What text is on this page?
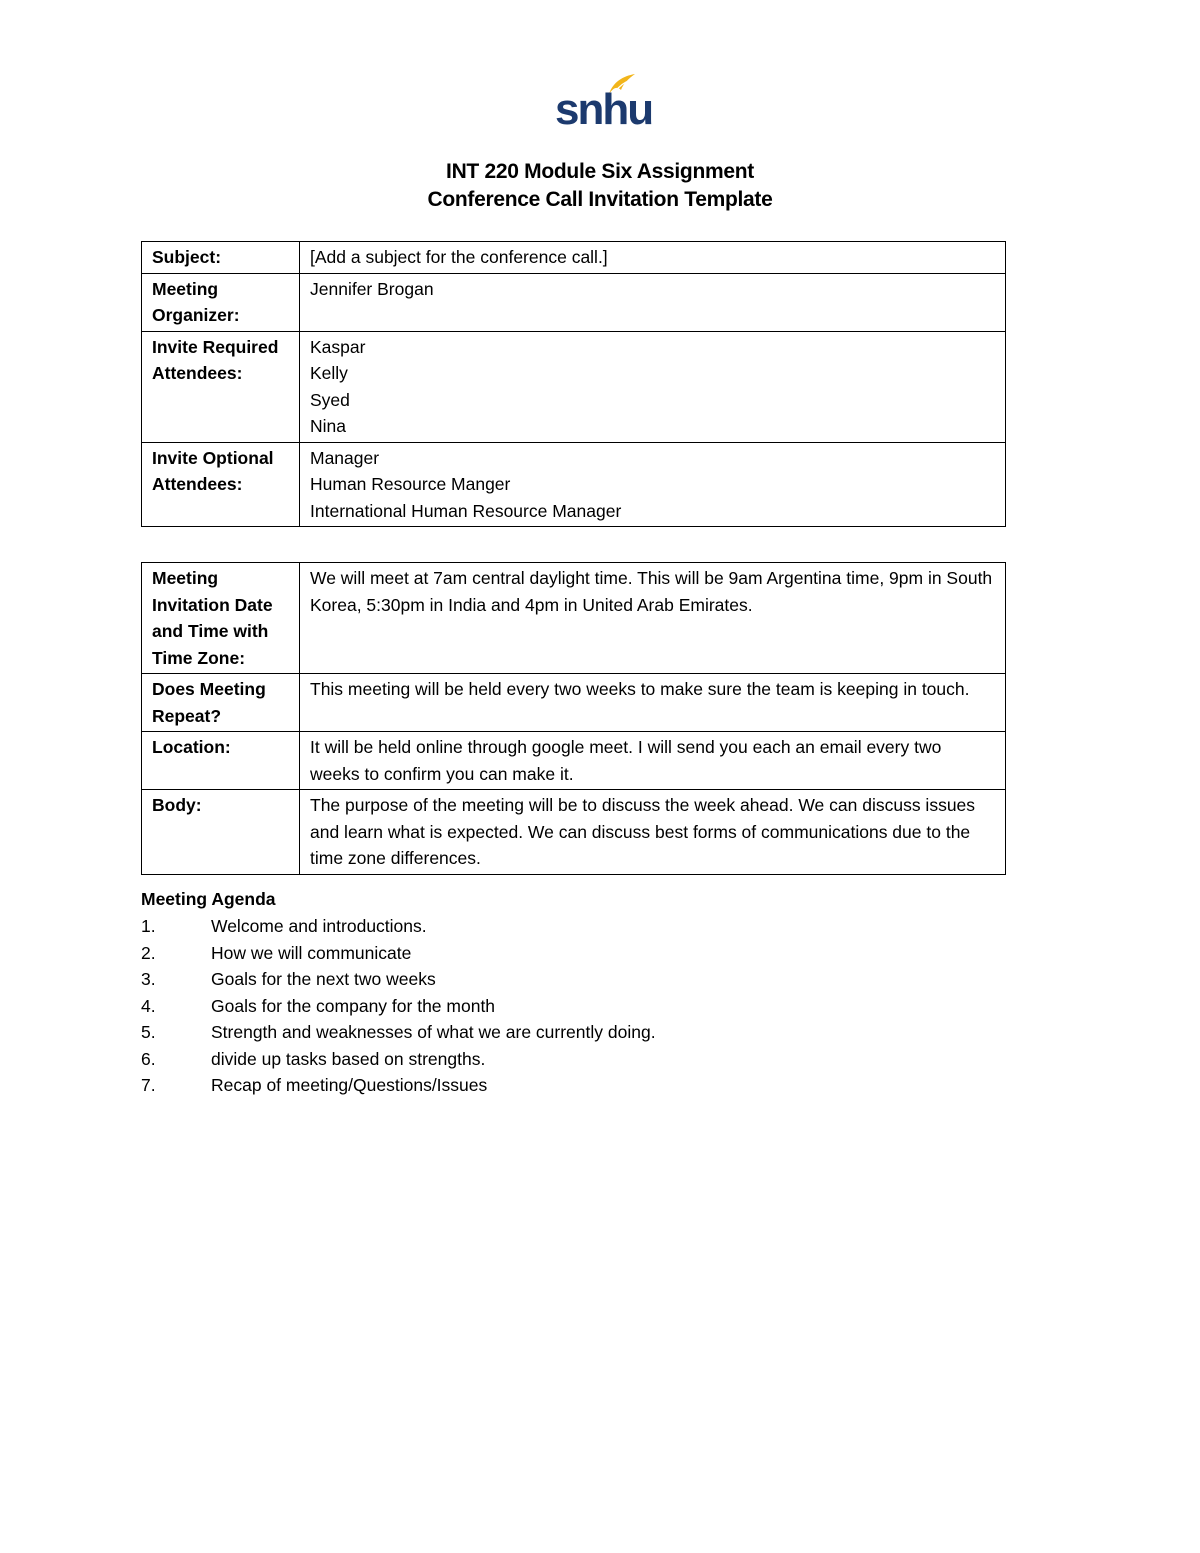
snhu
INT 220 Module Six Assignment
Conference Call Invitation Template
Subject:	[Add a subject for the conference call.]
Meeting Organizer:	Jennifer Brogan
Invite Required Attendees:	Kaspar
Kelly
Syed
Nina

Invite Optional Attendees:	Manager
Human Resource Manger
International Human Resource Manager
Meeting Invitation Date and Time with Time Zone:	We will meet at 7am central daylight time. This will be 9am Argentina time, 9pm in South Korea, 5:30pm in India and 4pm in United Arab Emirates.
Does Meeting Repeat?	This meeting will be held every two weeks to make sure the team is keeping in touch.
Location:	It will be held online through google meet. I will send you each an email every two weeks to confirm you can make it.
Body:	The purpose of the meeting will be to discuss the week ahead. We can discuss issues and learn what is expected. We can discuss best forms of communications due to the time zone differences.
Meeting Agenda
1.	Welcome and introductions.
2.	How we will communicate
3.	Goals for the next two weeks
4.	Goals for the company for the month
5.	Strength and weaknesses of what we are currently doing.
6.	divide up tasks based on strengths.
7.	Recap of meeting/Questions/Issues
